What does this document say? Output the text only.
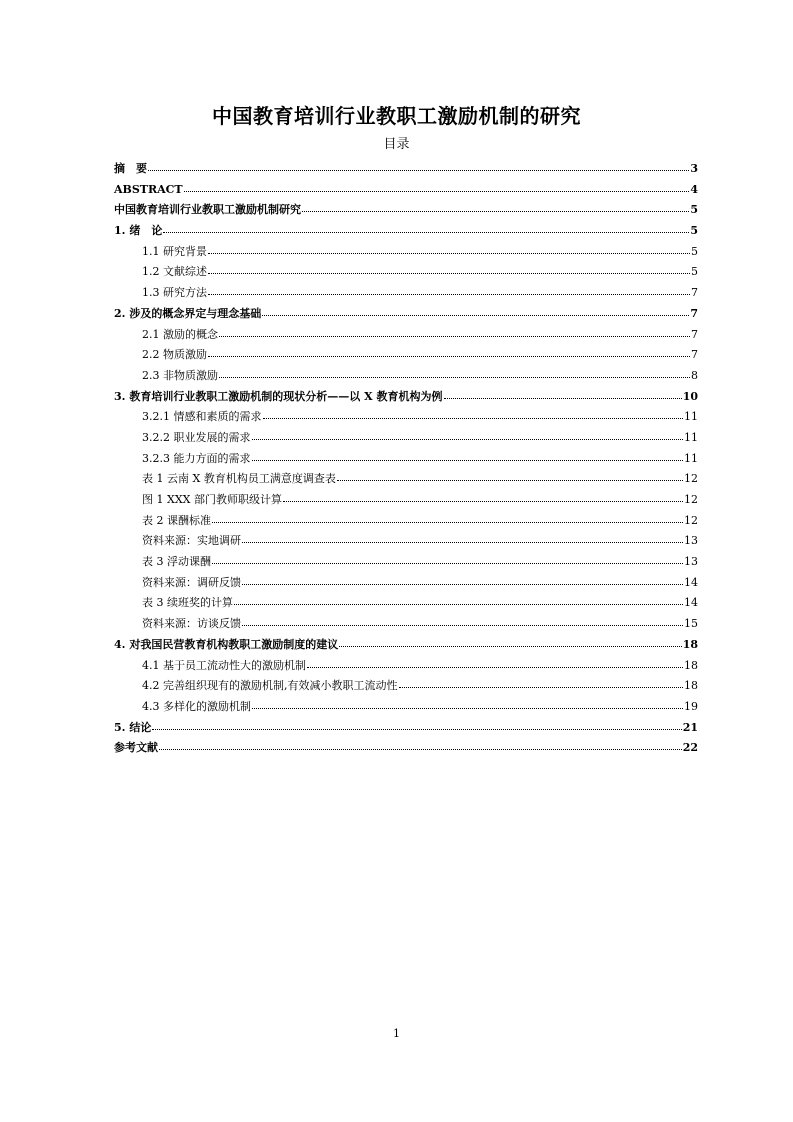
中国教育培训行业教职工激励机制的研究
目录
摘　要	3
ABSTRACT	4
中国教育培训行业教职工激励机制研究	5
1. 绪　论	5
1.1 研究背景	5
1.2 文献综述	5
1.3 研究方法	7
2. 涉及的概念界定与理念基础	7
2.1 激励的概念	7
2.2 物质激励	7
2.3 非物质激励	8
3. 教育培训行业教职工激励机制的现状分析——以 X 教育机构为例	10
3.2.1 情感和素质的需求	11
3.2.2 职业发展的需求	11
3.2.3 能力方面的需求	11
表 1 云南 X 教育机构员工满意度调查表	12
图 1 XXX 部门教师职级计算	12
表 2 课酬标准	12
资料来源：实地调研	13
表 3 浮动课酬	13
资料来源：调研反馈	14
表 3 续班奖的计算	14
资料来源：访谈反馈	15
4. 对我国民营教育机构教职工激励制度的建议	18
4.1 基于员工流动性大的激励机制	18
4.2 完善组织现有的激励机制,有效减小教职工流动性	18
4.3 多样化的激励机制	19
5. 结论	21
参考文献	22
1
